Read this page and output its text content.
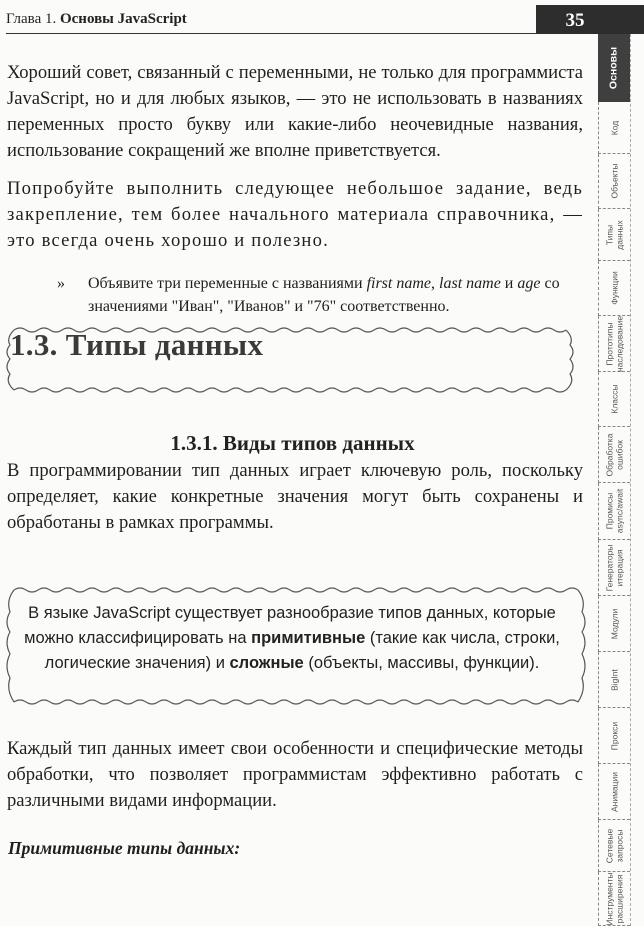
Глава 1. Основы JavaScript	35

Хороший совет, связанный с переменными, не только для программиста JavaScript, но и для любых языков, — это не использовать в названиях переменных просто букву или какие-либо неочевидные названия, использование сокращений же вполне приветствуется.

Попробуйте выполнить следующее небольшое задание, ведь закрепление, тем более начального материала справочника, — это всегда очень хорошо и полезно.

»	Объявите три переменные с названиями first name, last name и age со значениями "Иван", "Иванов" и "76" соответственно.
1.3. Типы данных
1.3.1. Виды типов данных

В программировании тип данных играет ключевую роль, поскольку определяет, какие конкретные значения могут быть сохранены и обработаны в рамках программы.

В языке JavaScript существует разнообразие типов данных, которые можно классифицировать на примитивные (такие как числа, строки, логические значения) и сложные (объекты, массивы, функции).

Каждый тип данных имеет свои особенности и специфические методы обработки, что позволяет программистам эффективно работать с различными видами информации.

Примитивные типы данных:
Основы
Код
Объекты
Типы данных
Функции
Прототипы наследование
Классы
Обработка ошибок
Промисы async/await
Генераторы итерация
Модули
BigInt
Прокси
Анимации
Сетевые запросы
Инструменты расширения
